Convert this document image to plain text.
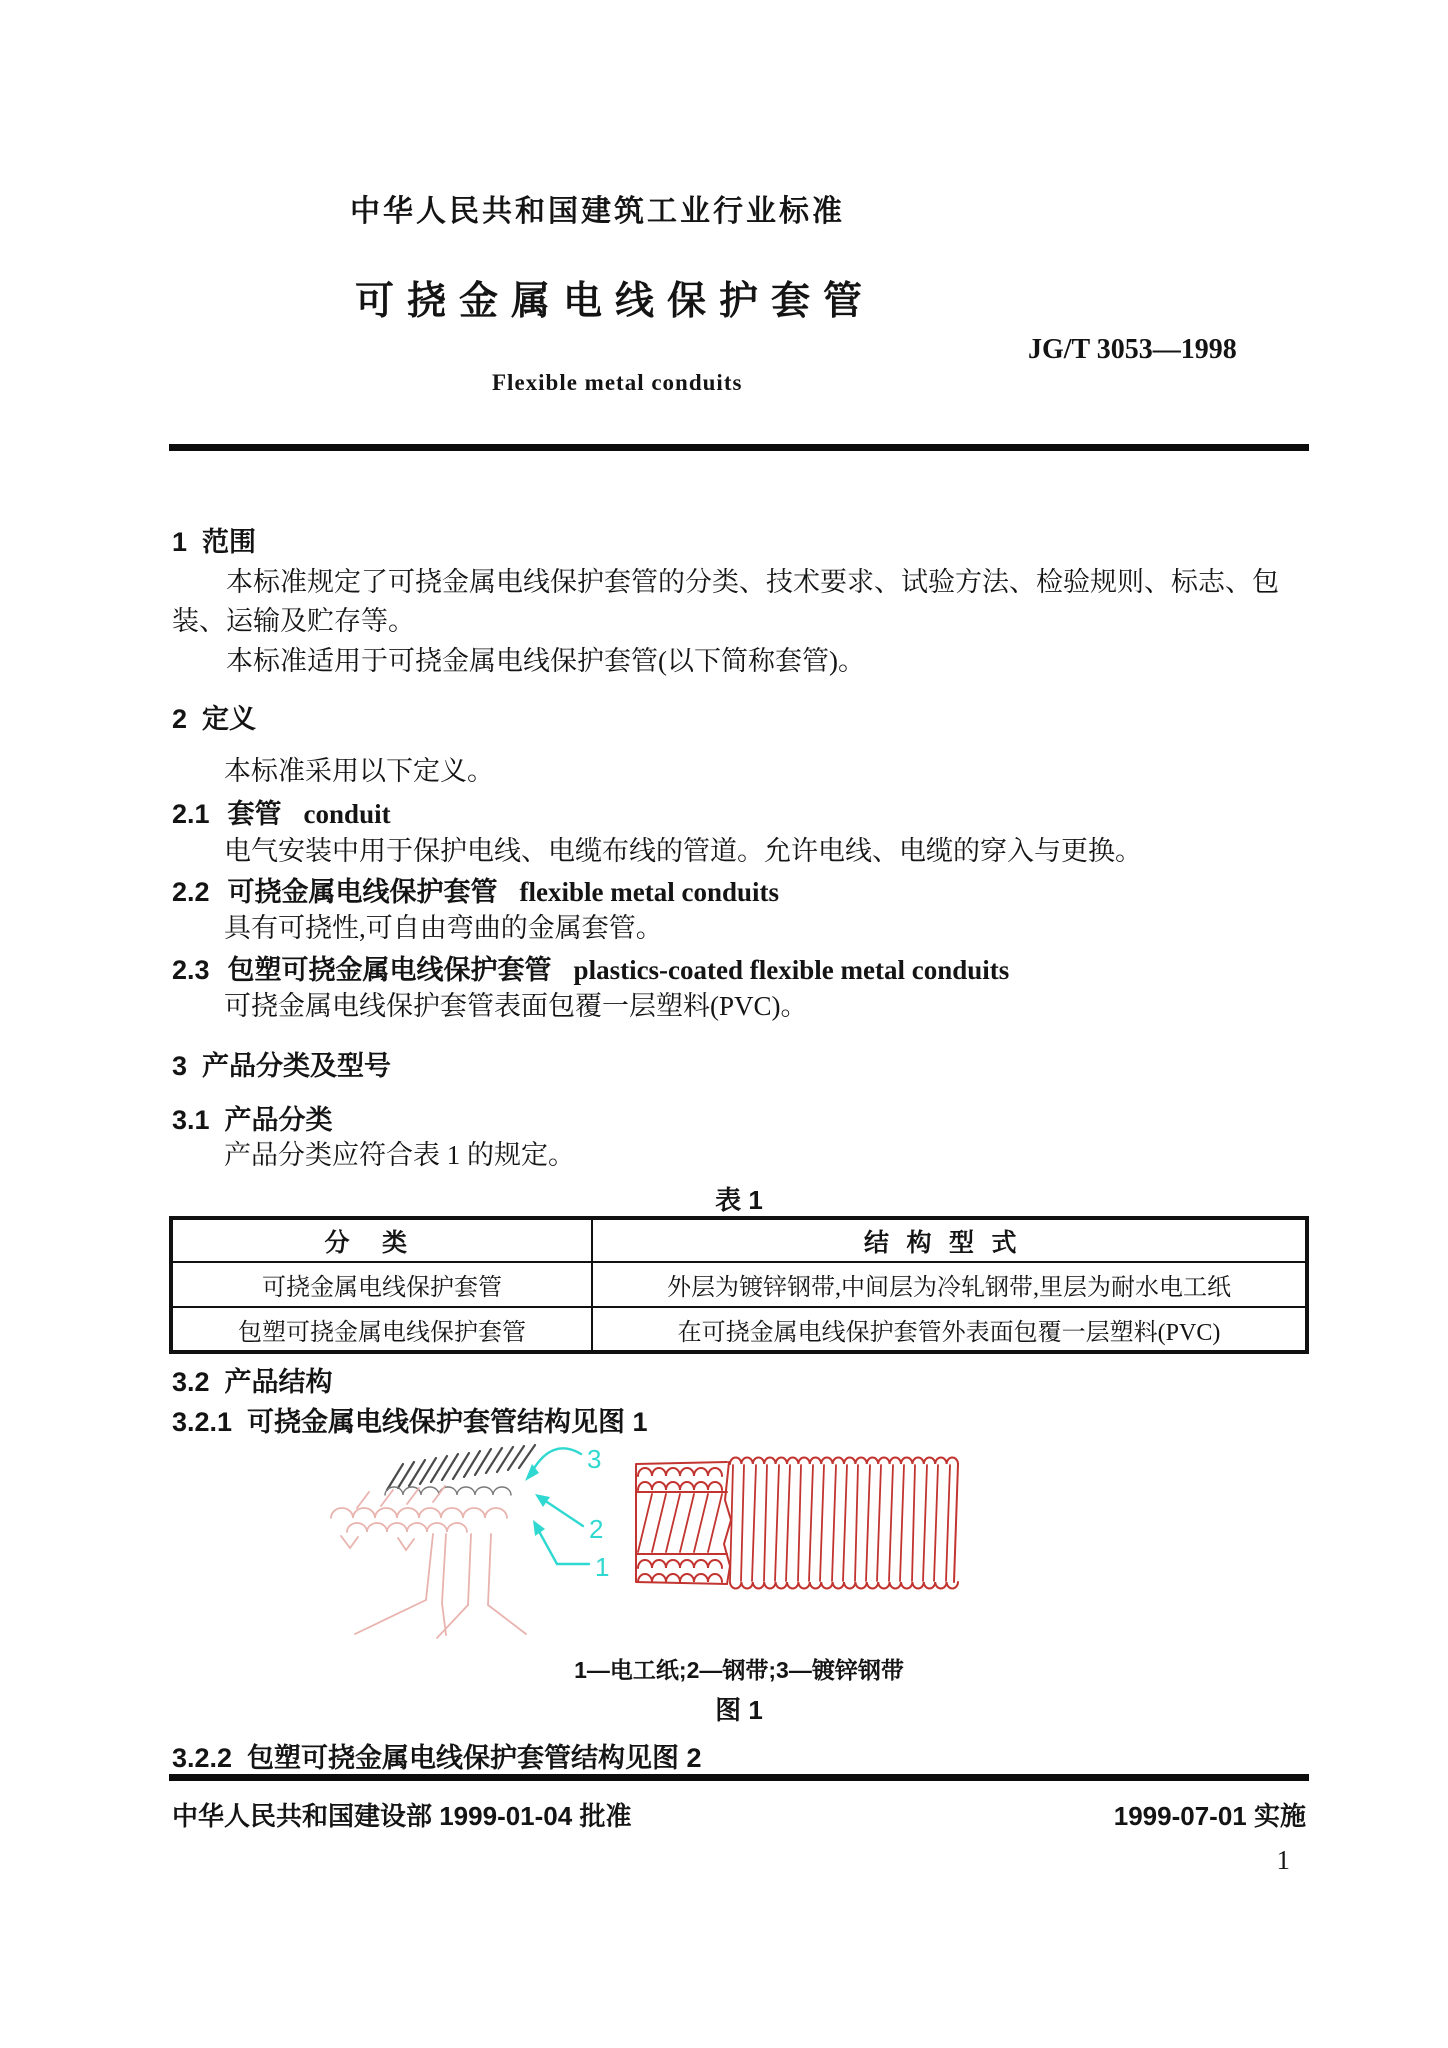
中华人民共和国建筑工业行业标准
可挠金属电线保护套管
JG/T 3053—1998
Flexible metal conduits
1  范围
本标准规定了可挠金属电线保护套管的分类、技术要求、试验方法、检验规则、标志、包装、运输及贮存等。
本标准适用于可挠金属电线保护套管(以下简称套管)。
2  定义
本标准采用以下定义。
2.1 套管 conduit
电气安装中用于保护电线、电缆布线的管道。允许电线、电缆的穿入与更换。
2.2 可挠金属电线保护套管 flexible metal conduits
具有可挠性,可自由弯曲的金属套管。
2.3 包塑可挠金属电线保护套管 plastics-coated flexible metal conduits
可挠金属电线保护套管表面包覆一层塑料(PVC)。
3  产品分类及型号
3.1  产品分类
产品分类应符合表 1 的规定。
表 1
分类	结构型式
可挠金属电线保护套管	外层为镀锌钢带,中间层为冷轧钢带,里层为耐水电工纸
包塑可挠金属电线保护套管	在可挠金属电线保护套管外表面包覆一层塑料(PVC)
3.2  产品结构
3.2.1  可挠金属电线保护套管结构见图 1
3
2
1
1—电工纸;2—钢带;3—镀锌钢带
图 1
3.2.2  包塑可挠金属电线保护套管结构见图 2
中华人民共和国建设部 1999-01-04 批准	1999-07-01 实施
1
